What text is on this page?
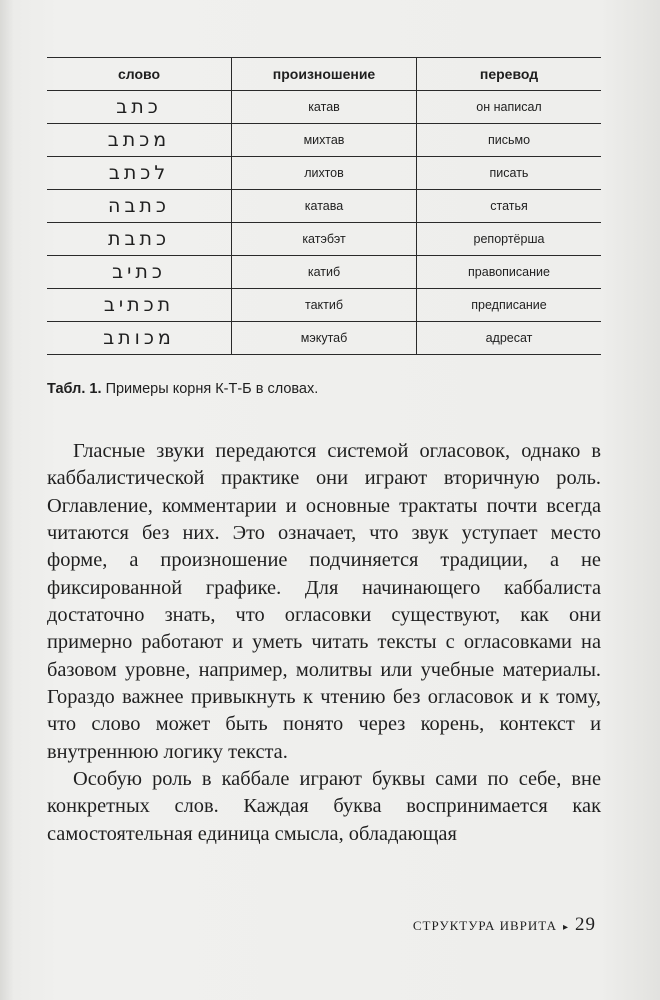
слово	произношение	перевод
כתב	катав	он написал
מכתב	михтав	письмо
לכתב	лихтов	писать
כתבה	катава	статья
כתבת	катэбэт	репортёрша
כתיב	катиб	правописание
תכתיב	тактиб	предписание
מכותב	мэкутаб	адресат
Табл. 1. Примеры корня К-Т-Б в словах.

Гласные звуки передаются системой огласовок, однако в каббалистической практике они играют вторичную роль. Оглавление, комментарии и основные трактаты почти всегда читаются без них. Это означает, что звук уступает место форме, а произношение подчиняется традиции, а не фиксированной графике. Для начинающего каббалиста достаточно знать, что огласовки существуют, как они примерно работают и уметь читать тексты с огласовками на базовом уровне, например, молитвы или учебные материалы. Гораздо важнее привыкнуть к чтению без огласовок и к тому, что слово может быть понято через корень, контекст и внутреннюю логику текста.

Особую роль в каббале играют буквы сами по себе, вне конкретных слов. Каждая буква воспринимается как самостоятельная единица смысла, обладающая

СТРУКТУРА ИВРИТА ▸ 29
